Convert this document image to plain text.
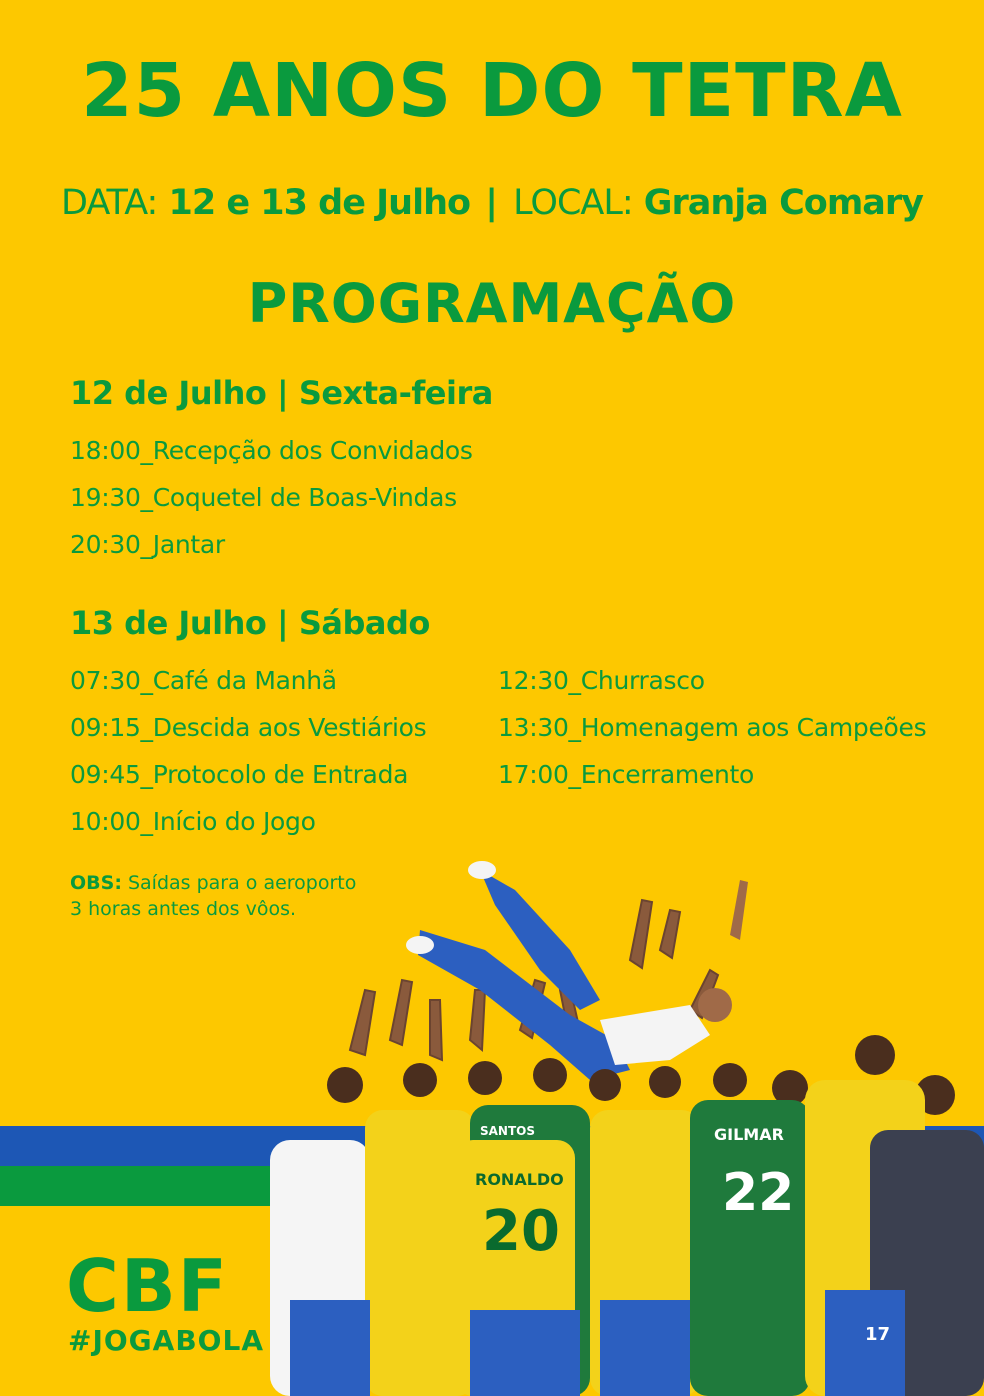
25 ANOS DO TETRA
DATA: 12 e 13 de Julho | LOCAL: Granja Comary
PROGRAMAÇÃO
12 de Julho | Sexta-feira
18:00_Recepção dos Convidados
19:30_Coquetel de Boas-Vindas
20:30_Jantar
13 de Julho | Sábado
07:30_Café da Manhã
09:15_Descida aos Vestiários
09:45_Protocolo de Entrada
10:00_Início do Jogo
12:30_Churrasco
13:30_Homenagem aos Campeões
17:00_Encerramento
OBS: Saídas para o aeroporto
3 horas antes dos vôos.
RONALDO
20
GILMAR
22
SANTOS
17
CBF
#JOGABOLA
